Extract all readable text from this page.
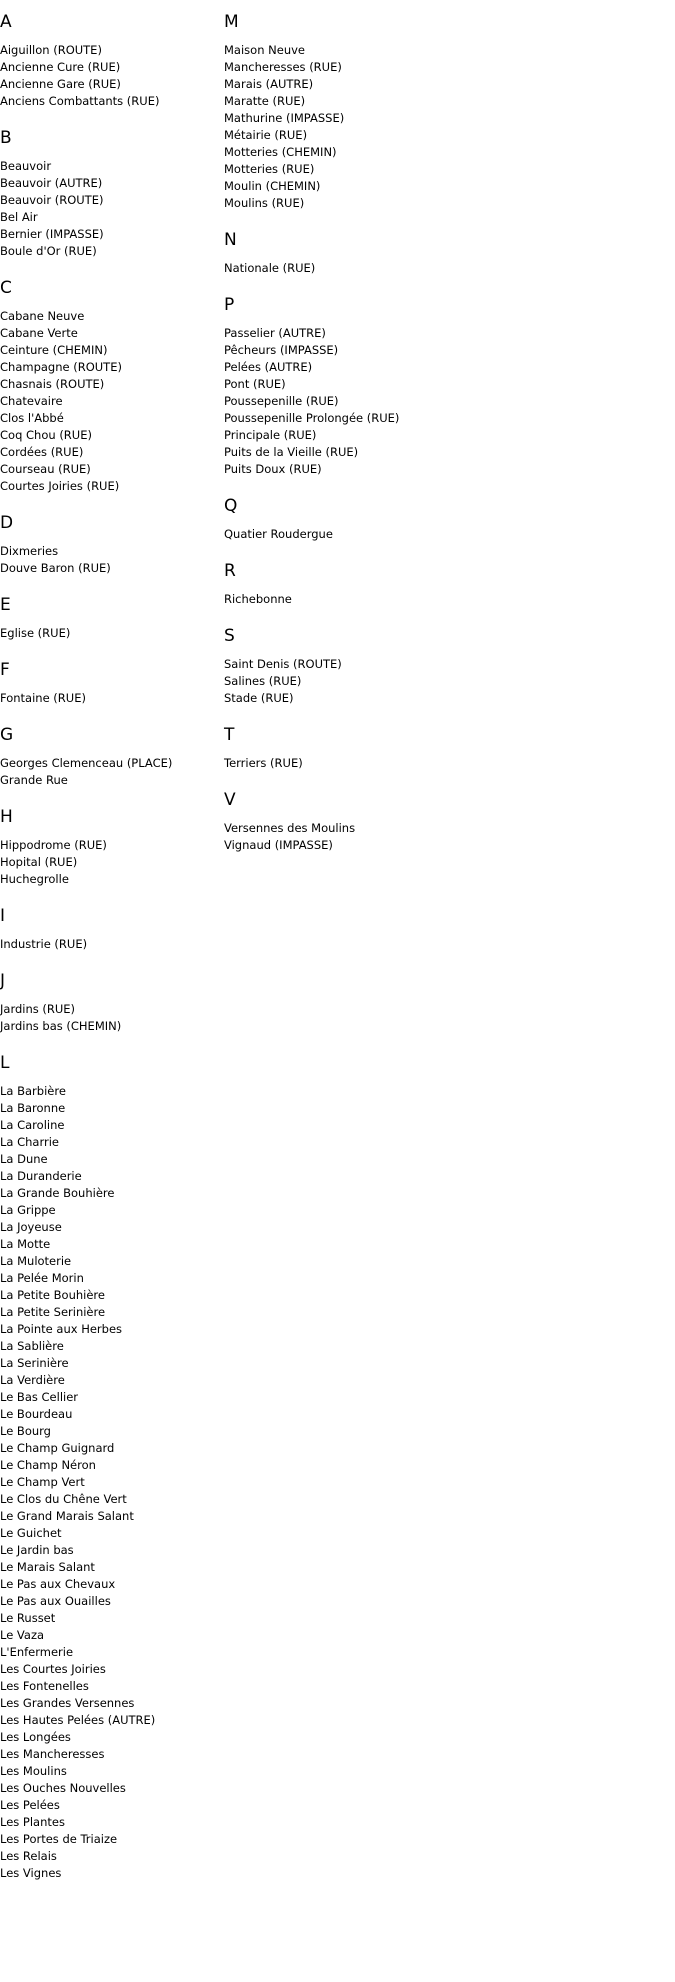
A
Aiguillon (ROUTE)
Ancienne Cure (RUE)
Ancienne Gare (RUE)
Anciens Combattants (RUE)
B
Beauvoir
Beauvoir (AUTRE)
Beauvoir (ROUTE)
Bel Air
Bernier (IMPASSE)
Boule d'Or (RUE)
C
Cabane Neuve
Cabane Verte
Ceinture (CHEMIN)
Champagne (ROUTE)
Chasnais (ROUTE)
Chatevaire
Clos l'Abbé
Coq Chou (RUE)
Cordées (RUE)
Courseau (RUE)
Courtes Joiries (RUE)
D
Dixmeries
Douve Baron (RUE)
E
Eglise (RUE)
F
Fontaine (RUE)
G
Georges Clemenceau (PLACE)
Grande Rue
H
Hippodrome (RUE)
Hopital (RUE)
Huchegrolle
I
Industrie (RUE)
J
Jardins (RUE)
Jardins bas (CHEMIN)
L
La Barbière
La Baronne
La Caroline
La Charrie
La Dune
La Duranderie
La Grande Bouhière
La Grippe
La Joyeuse
La Motte
La Muloterie
La Pelée Morin
La Petite Bouhière
La Petite Serinière
La Pointe aux Herbes
La Sablière
La Serinière
La Verdière
Le Bas Cellier
Le Bourdeau
Le Bourg
Le Champ Guignard
Le Champ Néron
Le Champ Vert
Le Clos du Chêne Vert
Le Grand Marais Salant
Le Guichet
Le Jardin bas
Le Marais Salant
Le Pas aux Chevaux
Le Pas aux Ouailles
Le Russet
Le Vaza
L'Enfermerie
Les Courtes Joiries
Les Fontenelles
Les Grandes Versennes
Les Hautes Pelées (AUTRE)
Les Longées
Les Mancheresses
Les Moulins
Les Ouches Nouvelles
Les Pelées
Les Plantes
Les Portes de Triaize
Les Relais
Les Vignes
M
Maison Neuve
Mancheresses (RUE)
Marais (AUTRE)
Maratte (RUE)
Mathurine (IMPASSE)
Métairie (RUE)
Motteries (CHEMIN)
Motteries (RUE)
Moulin (CHEMIN)
Moulins (RUE)
N
Nationale (RUE)
P
Passelier (AUTRE)
Pêcheurs (IMPASSE)
Pelées (AUTRE)
Pont (RUE)
Poussepenille (RUE)
Poussepenille Prolongée (RUE)
Principale (RUE)
Puits de la Vieille (RUE)
Puits Doux (RUE)
Q
Quatier Roudergue
R
Richebonne
S
Saint Denis (ROUTE)
Salines (RUE)
Stade (RUE)
T
Terriers (RUE)
V
Versennes des Moulins
Vignaud (IMPASSE)
